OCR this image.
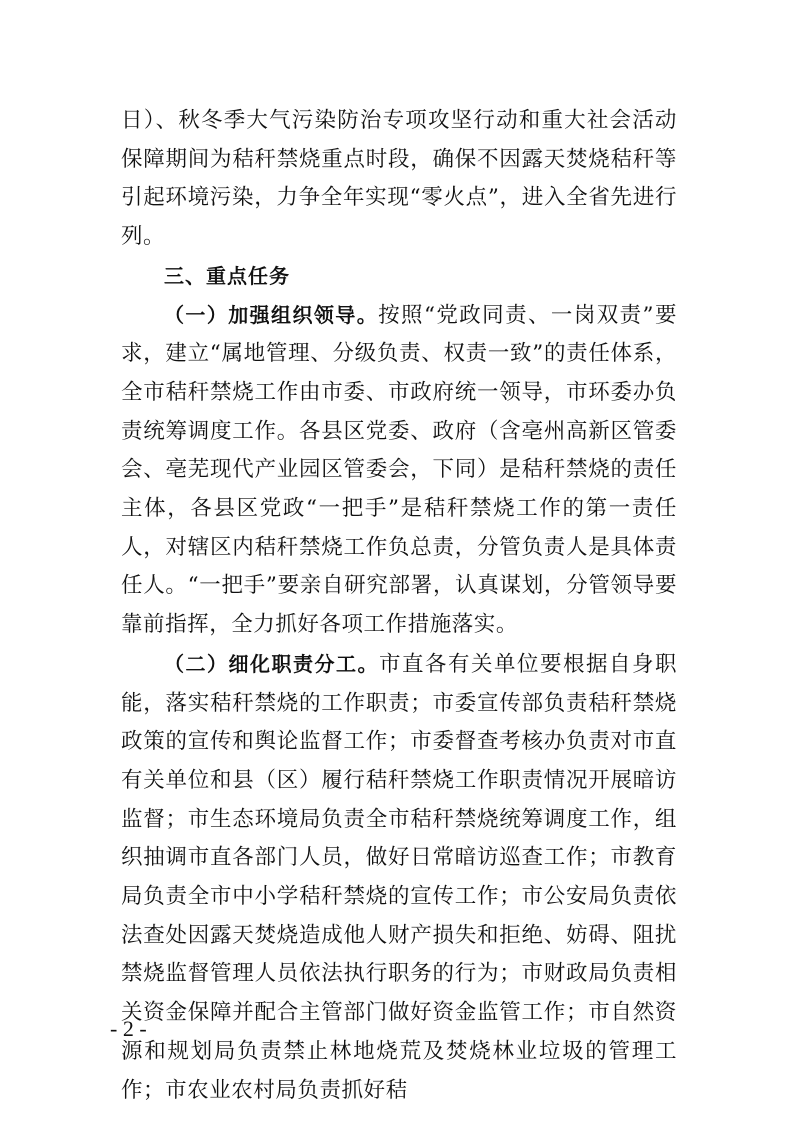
日）、秋冬季大气污染防治专项攻坚行动和重大社会活动保障期间为秸秆禁烧重点时段，确保不因露天焚烧秸秆等引起环境污染，力争全年实现“零火点”，进入全省先进行列。

三、重点任务

（一）加强组织领导。按照“党政同责、一岗双责”要求，建立“属地管理、分级负责、权责一致”的责任体系，全市秸秆禁烧工作由市委、市政府统一领导，市环委办负责统筹调度工作。各县区党委、政府（含亳州高新区管委会、亳芜现代产业园区管委会，下同）是秸秆禁烧的责任主体，各县区党政“一把手”是秸秆禁烧工作的第一责任人，对辖区内秸秆禁烧工作负总责，分管负责人是具体责任人。“一把手”要亲自研究部署，认真谋划，分管领导要靠前指挥，全力抓好各项工作措施落实。

（二）细化职责分工。市直各有关单位要根据自身职能，落实秸秆禁烧的工作职责；市委宣传部负责秸秆禁烧政策的宣传和舆论监督工作；市委督查考核办负责对市直有关单位和县（区）履行秸秆禁烧工作职责情况开展暗访监督；市生态环境局负责全市秸秆禁烧统筹调度工作，组织抽调市直各部门人员，做好日常暗访巡查工作；市教育局负责全市中小学秸秆禁烧的宣传工作；市公安局负责依法查处因露天焚烧造成他人财产损失和拒绝、妨碍、阻扰禁烧监督管理人员依法执行职务的行为；市财政局负责相关资金保障并配合主管部门做好资金监管工作；市自然资源和规划局负责禁止林地烧荒及焚烧林业垃圾的管理工作；市农业农村局负责抓好秸

- 2 -
